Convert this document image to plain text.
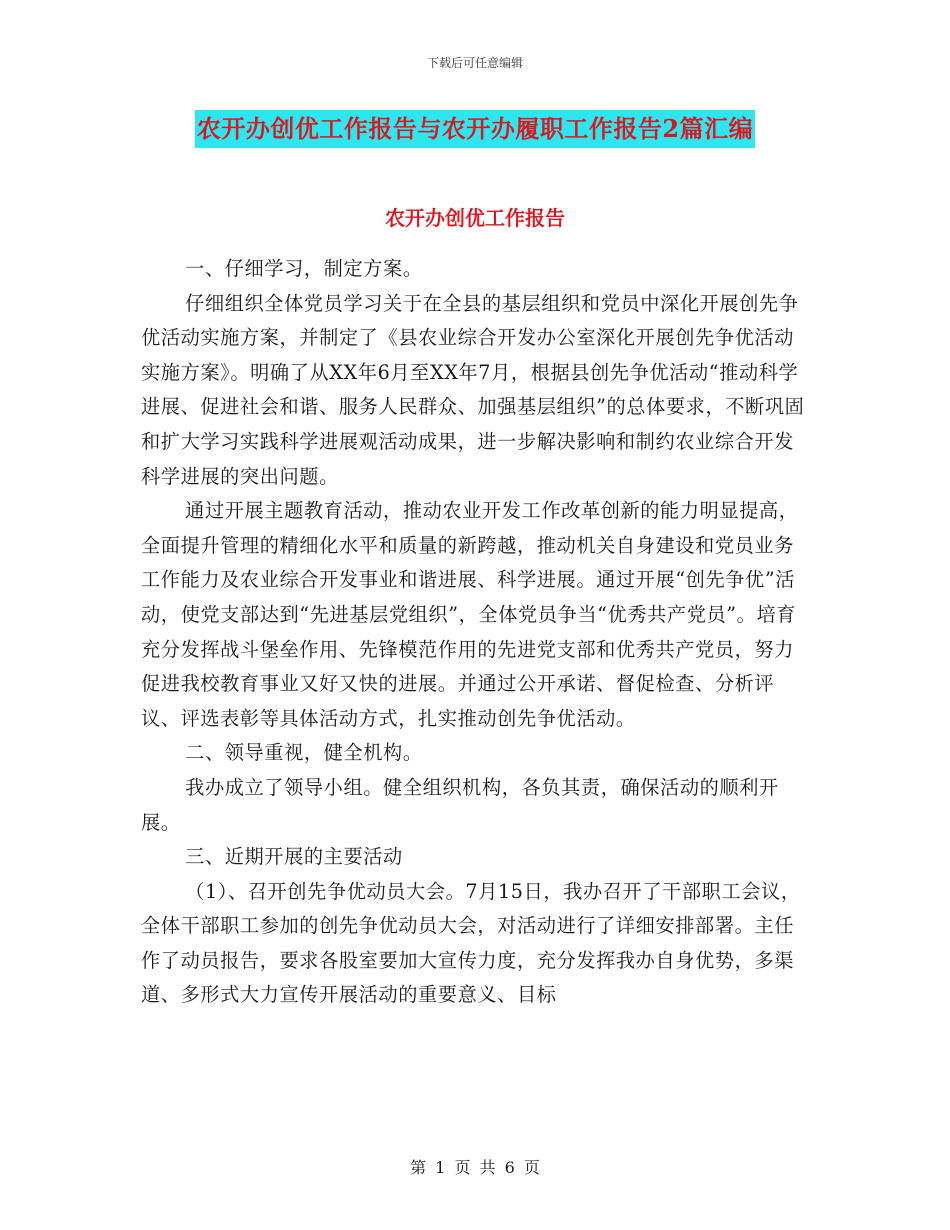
下载后可任意编辑
农开办创优工作报告与农开办履职工作报告2篇汇编
农开办创优工作报告

一、仔细学习，制定方案。

仔细组织全体党员学习关于在全县的基层组织和党员中深化开展创先争优活动实施方案，并制定了《县农业综合开发办公室深化开展创先争优活动实施方案》。明确了从XX年6月至XX年7月，根据县创先争优活动“推动科学进展、促进社会和谐、服务人民群众、加强基层组织”的总体要求，不断巩固和扩大学习实践科学进展观活动成果，进一步解决影响和制约农业综合开发科学进展的突出问题。

通过开展主题教育活动，推动农业开发工作改革创新的能力明显提高，全面提升管理的精细化水平和质量的新跨越，推动机关自身建设和党员业务工作能力及农业综合开发事业和谐进展、科学进展。通过开展“创先争优”活动，使党支部达到“先进基层党组织”，全体党员争当“优秀共产党员”。培育充分发挥战斗堡垒作用、先锋模范作用的先进党支部和优秀共产党员，努力促进我校教育事业又好又快的进展。并通过公开承诺、督促检查、分析评议、评选表彰等具体活动方式，扎实推动创先争优活动。

二、领导重视，健全机构。

我办成立了领导小组。健全组织机构，各负其责，确保活动的顺利开展。

三、近期开展的主要活动

（1）、召开创先争优动员大会。7月15日，我办召开了干部职工会议，全体干部职工参加的创先争优动员大会，对活动进行了详细安排部署。主任作了动员报告，要求各股室要加大宣传力度，充分发挥我办自身优势，多渠道、多形式大力宣传开展活动的重要意义、目标

第 1 页 共 6 页
